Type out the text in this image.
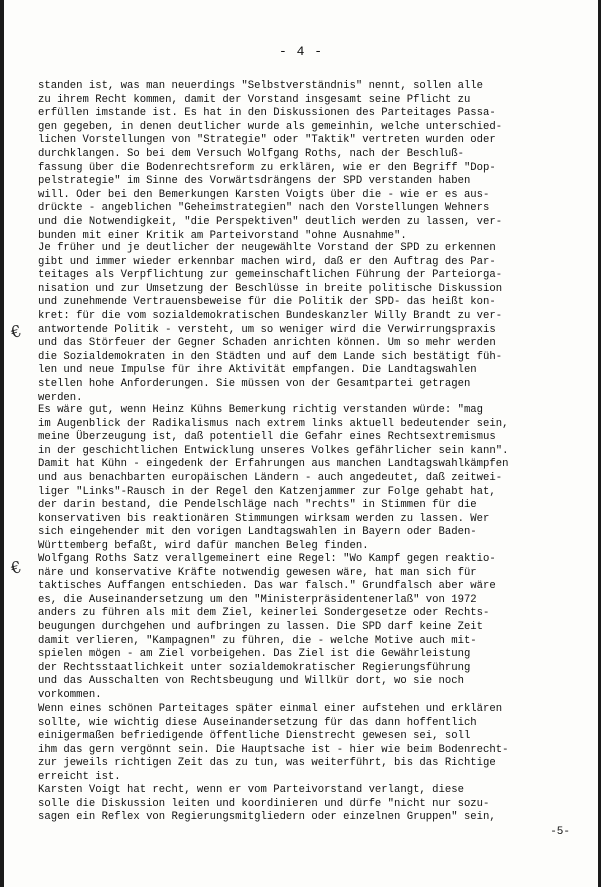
- 4 -
€
€
standen ist, was man neuerdings "Selbstverständnis" nennt, sollen alle
zu ihrem Recht kommen, damit der Vorstand insgesamt seine Pflicht zu
erfüllen imstande ist. Es hat in den Diskussionen des Parteitages Passa-
gen gegeben, in denen deutlicher wurde als gemeinhin, welche unterschied-
lichen Vorstellungen von "Strategie" oder "Taktik" vertreten wurden oder
durchklangen. So bei dem Versuch Wolfgang Roths, nach der Beschluß-
fassung über die Bodenrechtsreform zu erklären, wie er den Begriff "Dop-
pelstrategie" im Sinne des Vorwärtsdrängens der SPD verstanden haben
will. Oder bei den Bemerkungen Karsten Voigts über die - wie er es aus-
drückte - angeblichen "Geheimstrategien" nach den Vorstellungen Wehners
und die Notwendigkeit, "die Perspektiven" deutlich werden zu lassen, ver-
bunden mit einer Kritik am Parteivorstand "ohne Ausnahme".
Je früher und je deutlicher der neugewählte Vorstand der SPD zu erkennen
gibt und immer wieder erkennbar machen wird, daß er den Auftrag des Par-
teitages als Verpflichtung zur gemeinschaftlichen Führung der Parteiorga-
nisation und zur Umsetzung der Beschlüsse in breite politische Diskussion
und zunehmende Vertrauensbeweise für die Politik der SPD- das heißt kon-
kret: für die vom sozialdemokratischen Bundeskanzler Willy Brandt zu ver-
antwortende Politik - versteht, um so weniger wird die Verwirrungspraxis
und das Störfeuer der Gegner Schaden anrichten können. Um so mehr werden
die Sozialdemokraten in den Städten und auf dem Lande sich bestätigt füh-
len und neue Impulse für ihre Aktivität empfangen. Die Landtagswahlen
stellen hohe Anforderungen. Sie müssen von der Gesamtpartei getragen
werden.
Es wäre gut, wenn Heinz Kühns Bemerkung richtig verstanden würde: "mag
im Augenblick der Radikalismus nach extrem links aktuell bedeutender sein,
meine Überzeugung ist, daß potentiell die Gefahr eines Rechtsextremismus
in der geschichtlichen Entwicklung unseres Volkes gefährlicher sein kann".
Damit hat Kühn - eingedenk der Erfahrungen aus manchen Landtagswahlkämpfen
und aus benachbarten europäischen Ländern - auch angedeutet, daß zeitwei-
liger "Links"-Rausch in der Regel den Katzenjammer zur Folge gehabt hat,
der darin bestand, die Pendelschläge nach "rechts" in Stimmen für die
konservativen bis reaktionären Stimmungen wirksam werden zu lassen. Wer
sich eingehender mit den vorigen Landtagswahlen in Bayern oder Baden-
Württemberg befaßt, wird dafür manchen Beleg finden.
Wolfgang Roths Satz verallgemeinert eine Regel: "Wo Kampf gegen reaktio-
näre und konservative Kräfte notwendig gewesen wäre, hat man sich für
taktisches Auffangen entschieden. Das war falsch." Grundfalsch aber wäre
es, die Auseinandersetzung um den "Ministerpräsidentenerlaß" von 1972
anders zu führen als mit dem Ziel, keinerlei Sondergesetze oder Rechts-
beugungen durchgehen und aufbringen zu lassen. Die SPD darf keine Zeit
damit verlieren, "Kampagnen" zu führen, die - welche Motive auch mit-
spielen mögen - am Ziel vorbeigehen. Das Ziel ist die Gewährleistung
der Rechtsstaatlichkeit unter sozialdemokratischer Regierungsführung
und das Ausschalten von Rechtsbeugung und Willkür dort, wo sie noch
vorkommen.
Wenn eines schönen Parteitages später einmal einer aufstehen und erklären
sollte, wie wichtig diese Auseinandersetzung für das dann hoffentlich
einigermaßen befriedigende öffentliche Dienstrecht gewesen sei, soll
ihm das gern vergönnt sein. Die Hauptsache ist - hier wie beim Bodenrecht-
zur jeweils richtigen Zeit das zu tun, was weiterführt, bis das Richtige
erreicht ist.
Karsten Voigt hat recht, wenn er vom Parteivorstand verlangt, diese
solle die Diskussion leiten und koordinieren und dürfe "nicht nur sozu-
sagen ein Reflex von Regierungsmitgliedern oder einzelnen Gruppen" sein,
-5-
